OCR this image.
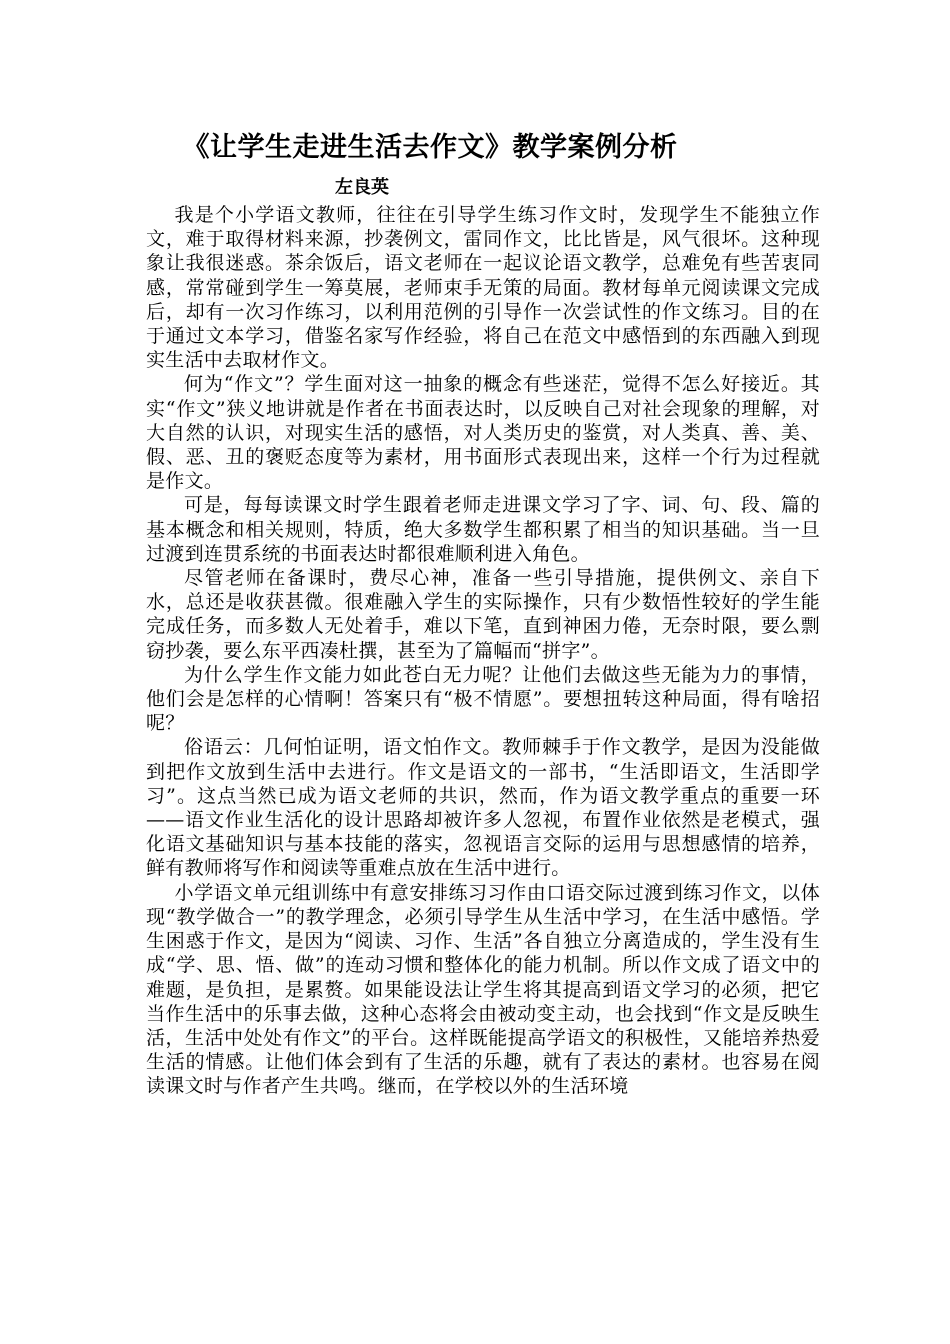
《让学生走进生活去作文》教学案例分析

左良英

我是个小学语文教师，往往在引导学生练习作文时，发现学生不能独立作文，难于取得材料来源，抄袭例文，雷同作文，比比皆是，风气很坏。这种现象让我很迷惑。茶余饭后，语文老师在一起议论语文教学，总难免有些苦衷同感，常常碰到学生一筹莫展，老师束手无策的局面。教材每单元阅读课文完成后，却有一次习作练习，以利用范例的引导作一次尝试性的作文练习。目的在于通过文本学习，借鉴名家写作经验，将自己在范文中感悟到的东西融入到现实生活中去取材作文。

何为“作文”？学生面对这一抽象的概念有些迷茫，觉得不怎么好接近。其实“作文”狭义地讲就是作者在书面表达时，以反映自己对社会现象的理解，对大自然的认识，对现实生活的感悟，对人类历史的鉴赏，对人类真、善、美、假、恶、丑的褒贬态度等为素材，用书面形式表现出来，这样一个行为过程就是作文。

可是，每每读课文时学生跟着老师走进课文学习了字、词、句、段、篇的基本概念和相关规则，特质，绝大多数学生都积累了相当的知识基础。当一旦过渡到连贯系统的书面表达时都很难顺利进入角色。

尽管老师在备课时，费尽心神，准备一些引导措施，提供例文、亲自下水，总还是收获甚微。很难融入学生的实际操作，只有少数悟性较好的学生能完成任务，而多数人无处着手，难以下笔，直到神困力倦，无奈时限，要么剽窃抄袭，要么东平西凑杜撰，甚至为了篇幅而“拼字”。

为什么学生作文能力如此苍白无力呢？让他们去做这些无能为力的事情，他们会是怎样的心情啊！答案只有“极不情愿”。要想扭转这种局面，得有啥招呢？

俗语云：几何怕证明，语文怕作文。教师棘手于作文教学，是因为没能做到把作文放到生活中去进行。作文是语文的一部书，“生活即语文，生活即学习”。这点当然已成为语文老师的共识，然而，作为语文教学重点的重要一环——语文作业生活化的设计思路却被许多人忽视，布置作业依然是老模式，强化语文基础知识与基本技能的落实，忽视语言交际的运用与思想感情的培养，鲜有教师将写作和阅读等重难点放在生活中进行。

小学语文单元组训练中有意安排练习习作由口语交际过渡到练习作文，以体现“教学做合一”的教学理念，必须引导学生从生活中学习，在生活中感悟。学生困惑于作文，是因为“阅读、习作、生活”各自独立分离造成的，学生没有生成“学、思、悟、做”的连动习惯和整体化的能力机制。所以作文成了语文中的难题，是负担，是累赘。如果能设法让学生将其提高到语文学习的必须，把它当作生活中的乐事去做，这种心态将会由被动变主动，也会找到“作文是反映生活，生活中处处有作文”的平台。这样既能提高学语文的积极性，又能培养热爱生活的情感。让他们体会到有了生活的乐趣，就有了表达的素材。也容易在阅读课文时与作者产生共鸣。继而，在学校以外的生活环境
